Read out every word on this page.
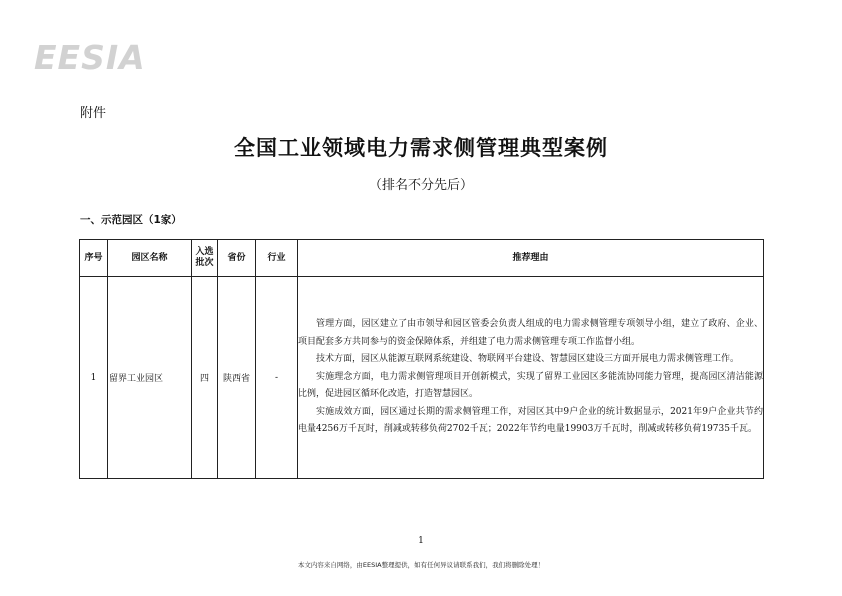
EESIA
附件
全国工业领域电力需求侧管理典型案例
（排名不分先后）
一、示范园区（1家）
序号	园区名称	入选批次	省份	行业	推荐理由
1	留界工业园区	四	陕西省	-	管理方面，园区建立了由市领导和园区管委会负责人组成的电力需求侧管理专项领导小组，建立了政府、企业、项目配套多方共同参与的资金保障体系，并组建了电力需求侧管理专项工作监督小组。

技术方面，园区从能源互联网系统建设、物联网平台建设、智慧园区建设三方面开展电力需求侧管理工作。

实施理念方面，电力需求侧管理项目开创新模式，实现了留界工业园区多能流协同能力管理，提高园区清洁能源比例，促进园区循环化改造，打造智慧园区。

实施成效方面，园区通过长期的需求侧管理工作，对园区其中9户企业的统计数据显示，2021年9户企业共节约电量4256万千瓦时，削减或转移负荷2702千瓦；2022年节约电量19903万千瓦时，削减或转移负荷19735千瓦。

1
本文内容来自网络，由EESIA整理提供，如有任何异议请联系我们，我们将删除处理！
